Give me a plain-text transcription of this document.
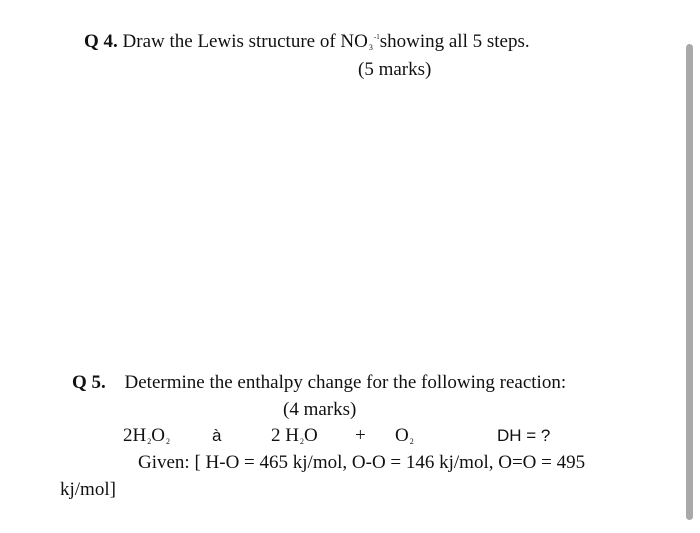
Q 4. Draw the Lewis structure of $NO_3^{-1}showing$ all 5 steps.
(5 marks)
Q 5. Determine the enthalpy change for the following reaction:
(4 marks)
$2H_2O_2$ à	2 $H_2O + O_2$	DH = ?
Given: [ H-O = 465 kj/mol, O-O = 146 kj/mol, O=O = 495
kj/mol]
